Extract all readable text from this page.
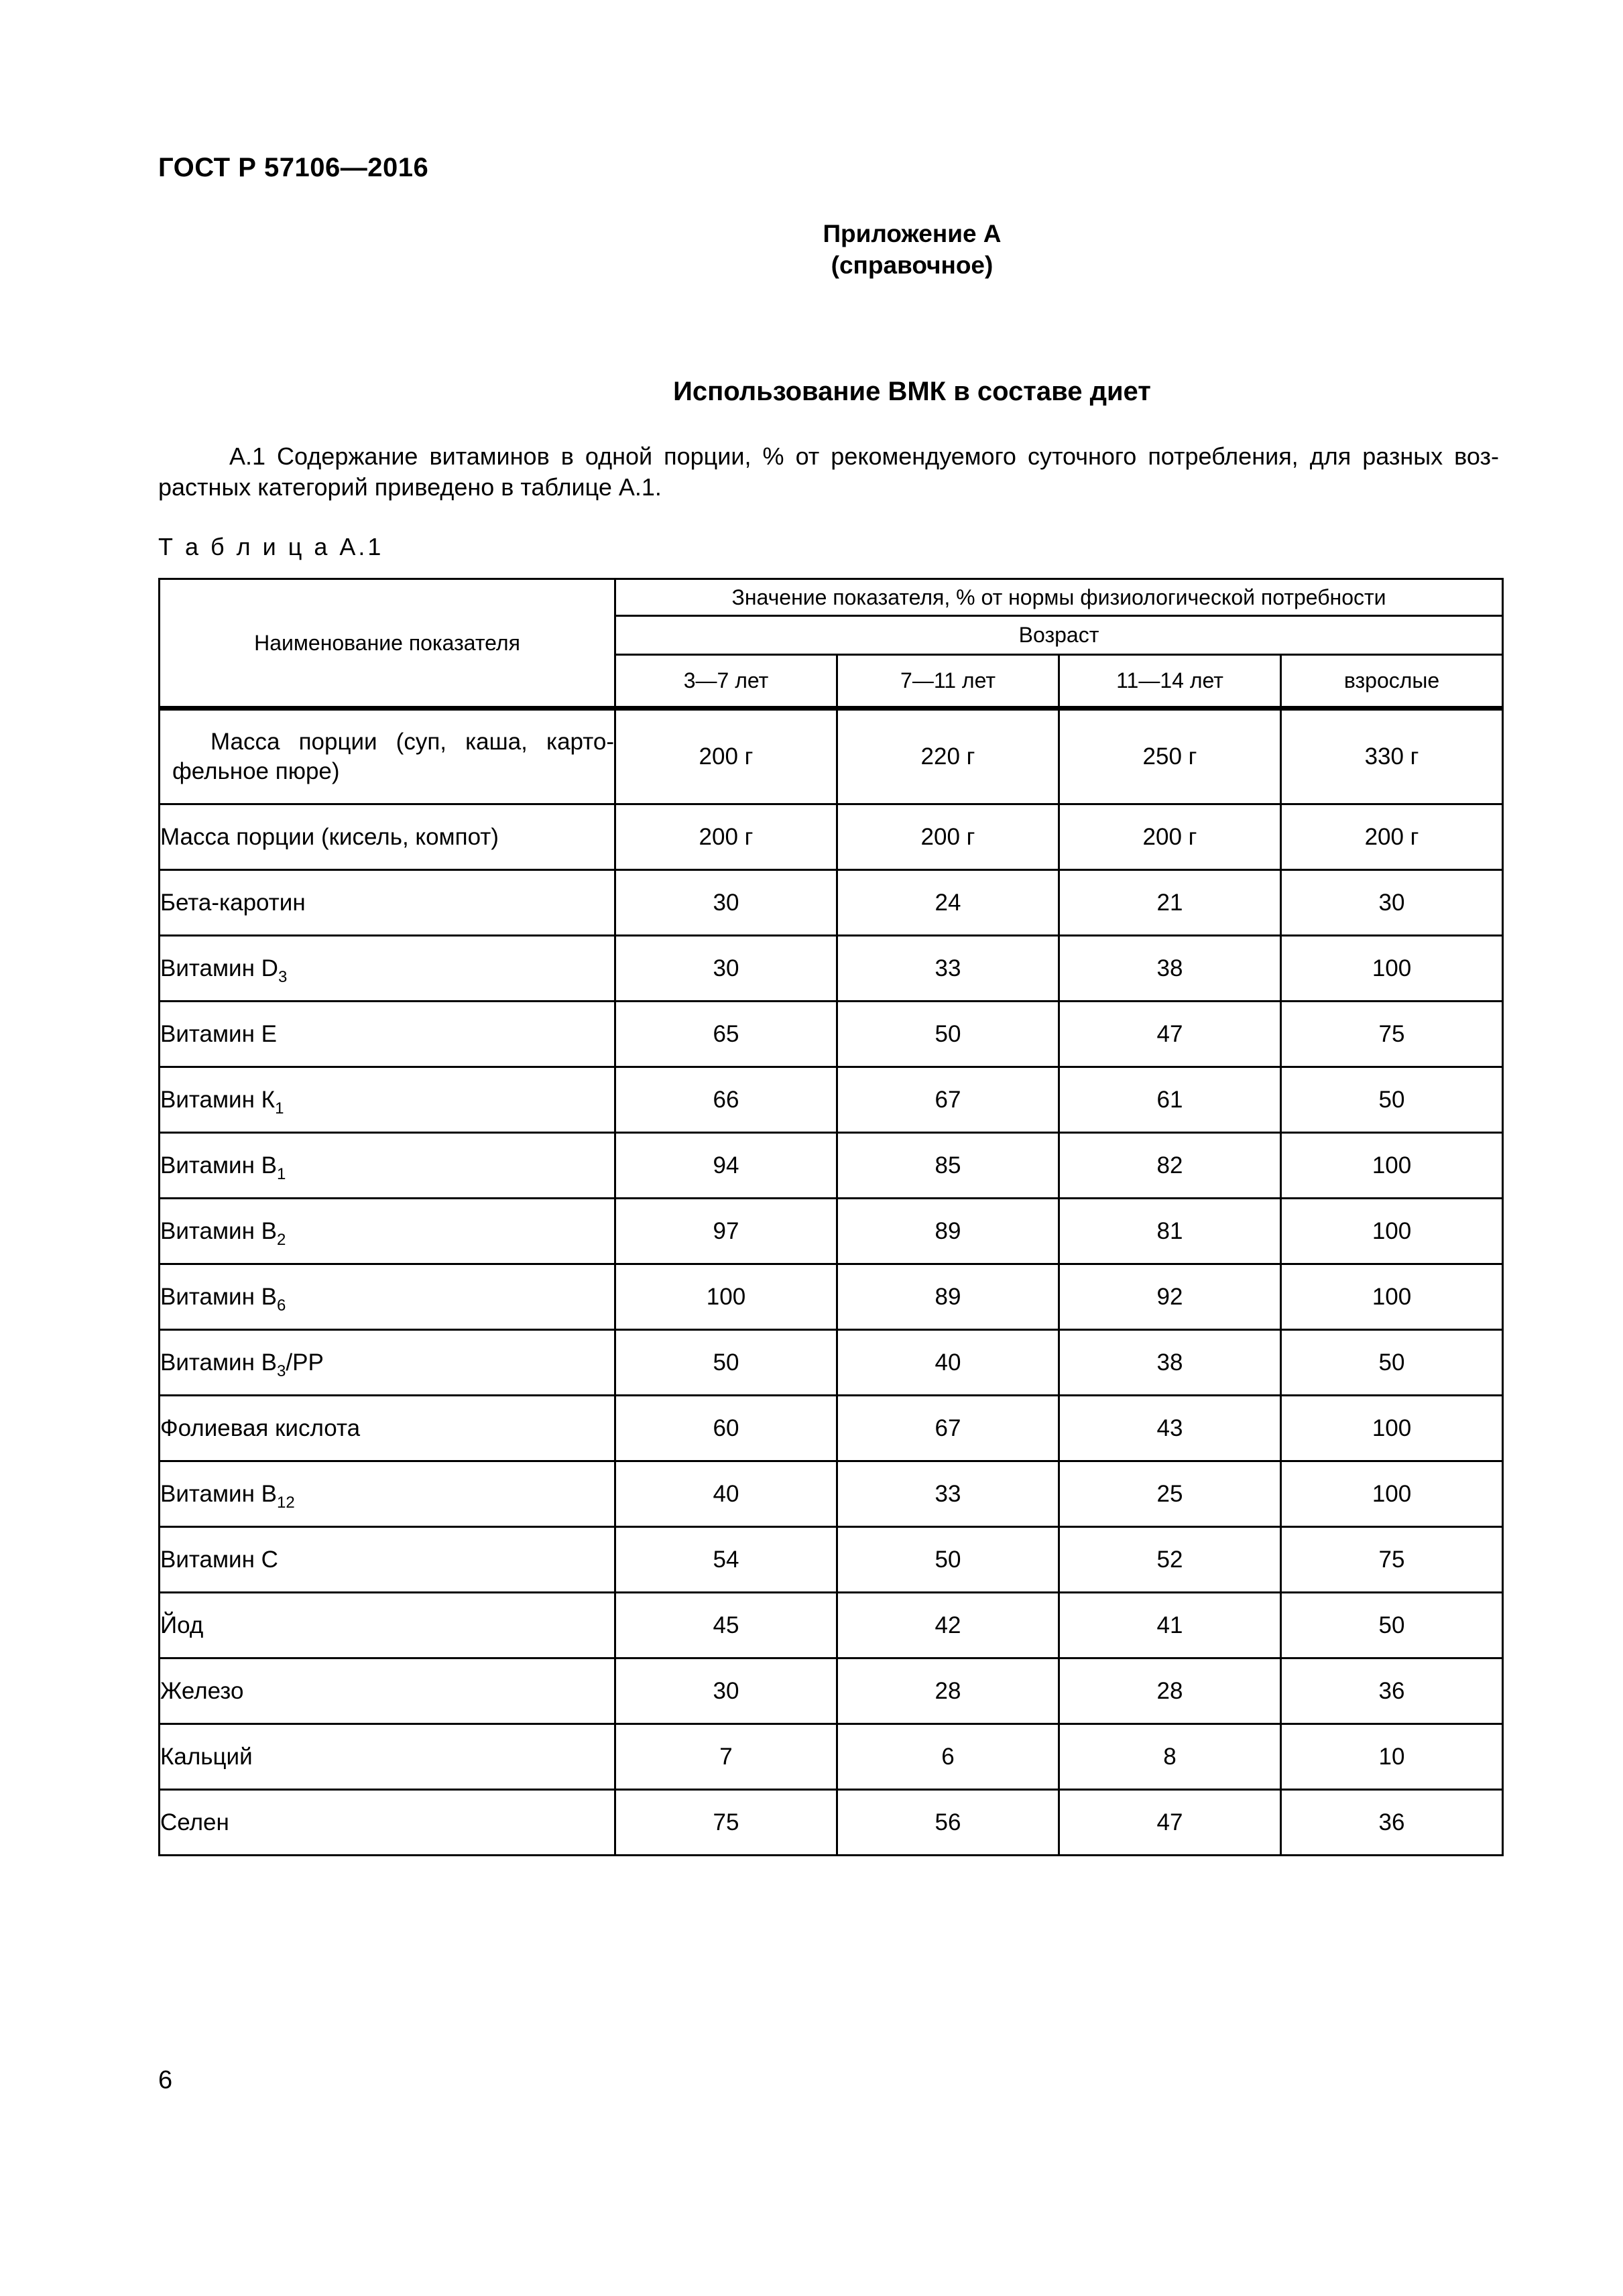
ГОСТ Р 57106—2016
Приложение А
(справочное)
Использование ВМК в составе диет
А.1 Содержание витаминов в одной порции, % от рекомендуемого суточного потребления, для разных воз-
растных категорий приведено в таблице А.1.
Т а б л и ц а А.1
Наименование показателя	Значение показателя, % от нормы физиологической потребности			
	Возраст			
	3—7 лет	7—11 лет	11—14 лет	взрослые

Масса порции (суп, каша, карто-
фельное пюре)	200 г	220 г	250 г	330 г
Масса порции (кисель, компот)	200 г	200 г	200 г	200 г
Бета-каротин	30	24	21	30
Витамин $D_3$	30	33	38	100
Витамин Е	65	50	47	75
Витамин $К_1$	66	67	61	50
Витамин $В_1$	94	85	82	100
Витамин $В_2$	97	89	81	100
Витамин $В_6$	100	89	92	100
Витамин $В_3/PP$	50	40	38	50
Фолиевая кислота	60	67	43	100
Витамин $В_{12}$	40	33	25	100
Витамин С	54	50	52	75
Йод	45	42	41	50
Железо	30	28	28	36
Кальций	7	6	8	10
Селен	75	56	47	36
6
